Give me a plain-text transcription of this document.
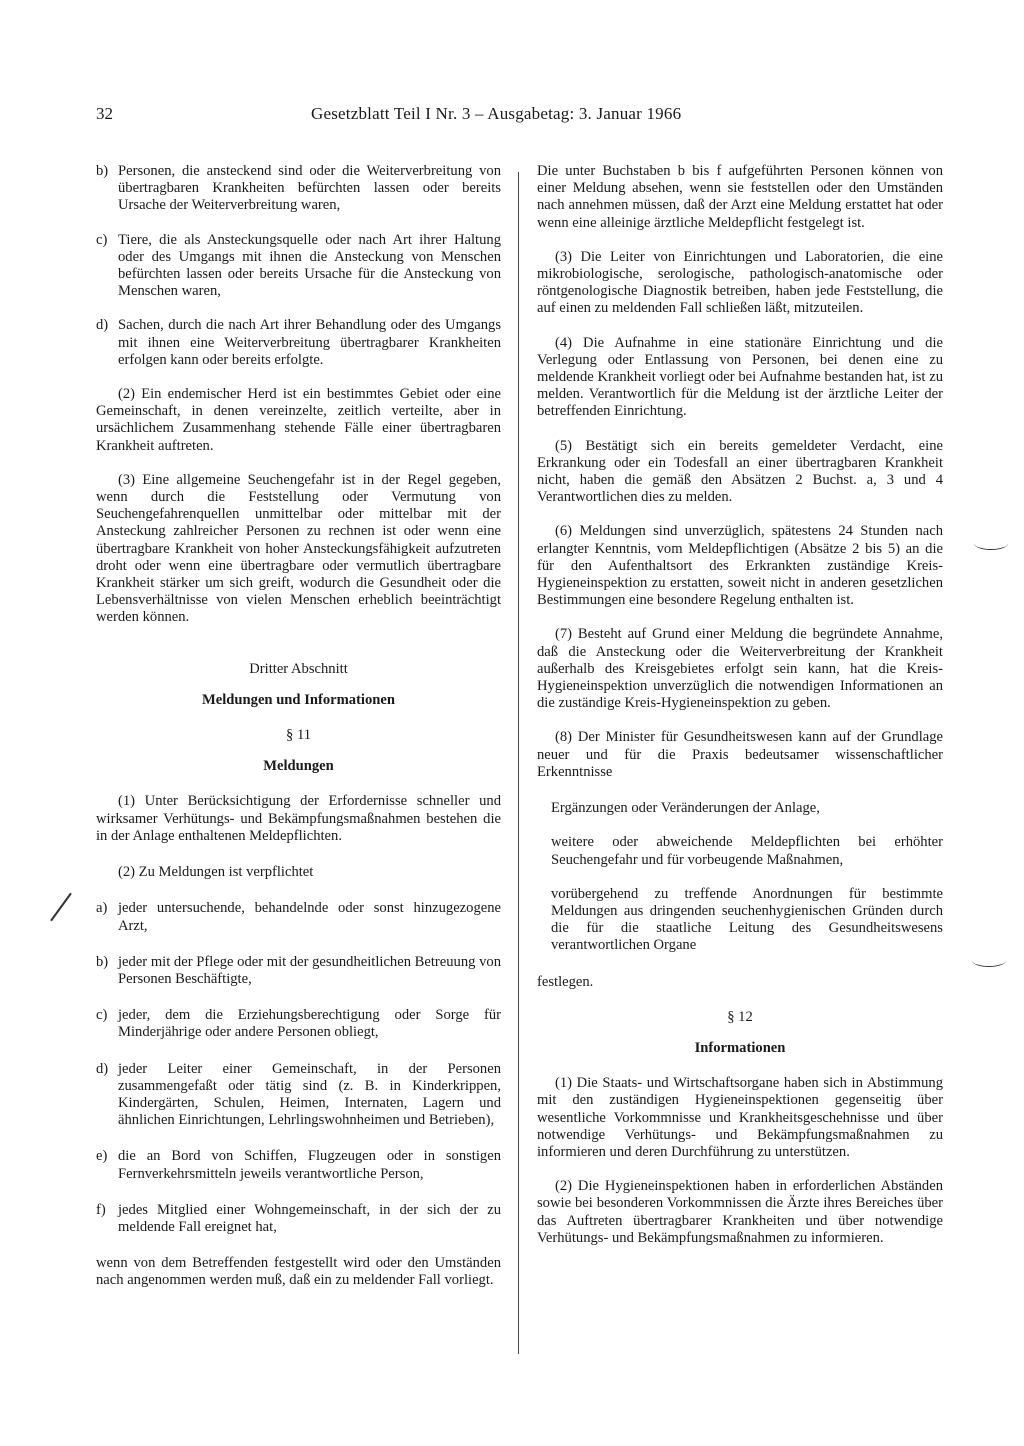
32	Gesetzblatt Teil I Nr. 3 – Ausgabetag: 3. Januar 1966
b) Personen, die ansteckend sind oder die Weiterverbreitung von übertragbaren Krankheiten befürchten lassen oder bereits Ursache der Weiterverbreitung waren,
c) Tiere, die als Ansteckungsquelle oder nach Art ihrer Haltung oder des Umgangs mit ihnen die Ansteckung von Menschen befürchten lassen oder bereits Ursache für die Ansteckung von Menschen waren,
d) Sachen, durch die nach Art ihrer Behandlung oder des Umgangs mit ihnen eine Weiterverbreitung übertragbarer Krankheiten erfolgen kann oder bereits erfolgte.

(2) Ein endemischer Herd ist ein bestimmtes Gebiet oder eine Gemeinschaft, in denen vereinzelte, zeitlich verteilte, aber in ursächlichem Zusammenhang stehende Fälle einer übertragbaren Krankheit auftreten.

(3) Eine allgemeine Seuchengefahr ist in der Regel gegeben, wenn durch die Feststellung oder Vermutung von Seuchengefahrenquellen unmittelbar oder mittelbar mit der Ansteckung zahlreicher Personen zu rechnen ist oder wenn eine übertragbare Krankheit von hoher Ansteckungsfähigkeit aufzutreten droht oder wenn eine übertragbare oder vermutlich übertragbare Krankheit stärker um sich greift, wodurch die Gesundheit oder die Lebensverhältnisse von vielen Menschen erheblich beeinträchtigt werden können.

Dritter Abschnitt

Meldungen und Informationen

§ 11

Meldungen

(1) Unter Berücksichtigung der Erfordernisse schneller und wirksamer Verhütungs- und Bekämpfungsmaßnahmen bestehen die in der Anlage enthaltenen Meldepflichten.

(2) Zu Meldungen ist verpflichtet

a) jeder untersuchende, behandelnde oder sonst hinzugezogene Arzt,
b) jeder mit der Pflege oder mit der gesundheitlichen Betreuung von Personen Beschäftigte,
c) jeder, dem die Erziehungsberechtigung oder Sorge für Minderjährige oder andere Personen obliegt,
d) jeder Leiter einer Gemeinschaft, in der Personen zusammengefaßt oder tätig sind (z. B. in Kinderkrippen, Kindergärten, Schulen, Heimen, Internaten, Lagern und ähnlichen Einrichtungen, Lehrlingswohnheimen und Betrieben),
e) die an Bord von Schiffen, Flugzeugen oder in sonstigen Fernverkehrsmitteln jeweils verantwortliche Person,
f) jedes Mitglied einer Wohngemeinschaft, in der sich der zu meldende Fall ereignet hat,

wenn von dem Betreffenden festgestellt wird oder den Umständen nach angenommen werden muß, daß ein zu meldender Fall vorliegt.

Die unter Buchstaben b bis f aufgeführten Personen können von einer Meldung absehen, wenn sie feststellen oder den Umständen nach annehmen müssen, daß der Arzt eine Meldung erstattet hat oder wenn eine alleinige ärztliche Meldepflicht festgelegt ist.

(3) Die Leiter von Einrichtungen und Laboratorien, die eine mikrobiologische, serologische, pathologisch-anatomische oder röntgenologische Diagnostik betreiben, haben jede Feststellung, die auf einen zu meldenden Fall schließen läßt, mitzuteilen.

(4) Die Aufnahme in eine stationäre Einrichtung und die Verlegung oder Entlassung von Personen, bei denen eine zu meldende Krankheit vorliegt oder bei Aufnahme bestanden hat, ist zu melden. Verantwortlich für die Meldung ist der ärztliche Leiter der betreffenden Einrichtung.

(5) Bestätigt sich ein bereits gemeldeter Verdacht, eine Erkrankung oder ein Todesfall an einer übertragbaren Krankheit nicht, haben die gemäß den Absätzen 2 Buchst. a, 3 und 4 Verantwortlichen dies zu melden.

(6) Meldungen sind unverzüglich, spätestens 24 Stunden nach erlangter Kenntnis, vom Meldepflichtigen (Absätze 2 bis 5) an die für den Aufenthaltsort des Erkrankten zuständige Kreis-Hygieneinspektion zu erstatten, soweit nicht in anderen gesetzlichen Bestimmungen eine besondere Regelung enthalten ist.

(7) Besteht auf Grund einer Meldung die begründete Annahme, daß die Ansteckung oder die Weiterverbreitung der Krankheit außerhalb des Kreisgebietes erfolgt sein kann, hat die Kreis-Hygieneinspektion unverzüglich die notwendigen Informationen an die zuständige Kreis-Hygieneinspektion zu geben.

(8) Der Minister für Gesundheitswesen kann auf der Grundlage neuer und für die Praxis bedeutsamer wissenschaftlicher Erkenntnisse

Ergänzungen oder Veränderungen der Anlage,

weitere oder abweichende Meldepflichten bei erhöhter Seuchengefahr und für vorbeugende Maßnahmen,

vorübergehend zu treffende Anordnungen für bestimmte Meldungen aus dringenden seuchenhygienischen Gründen durch die für die staatliche Leitung des Gesundheitswesens verantwortlichen Organe

festlegen.

§ 12

Informationen

(1) Die Staats- und Wirtschaftsorgane haben sich in Abstimmung mit den zuständigen Hygieneinspektionen gegenseitig über wesentliche Vorkommnisse und Krankheitsgeschehnisse und über notwendige Verhütungs- und Bekämpfungsmaßnahmen zu informieren und deren Durchführung zu unterstützen.

(2) Die Hygieneinspektionen haben in erforderlichen Abständen sowie bei besonderen Vorkommnissen die Ärzte ihres Bereiches über das Auftreten übertragbarer Krankheiten und über notwendige Verhütungs- und Bekämpfungsmaßnahmen zu informieren.
